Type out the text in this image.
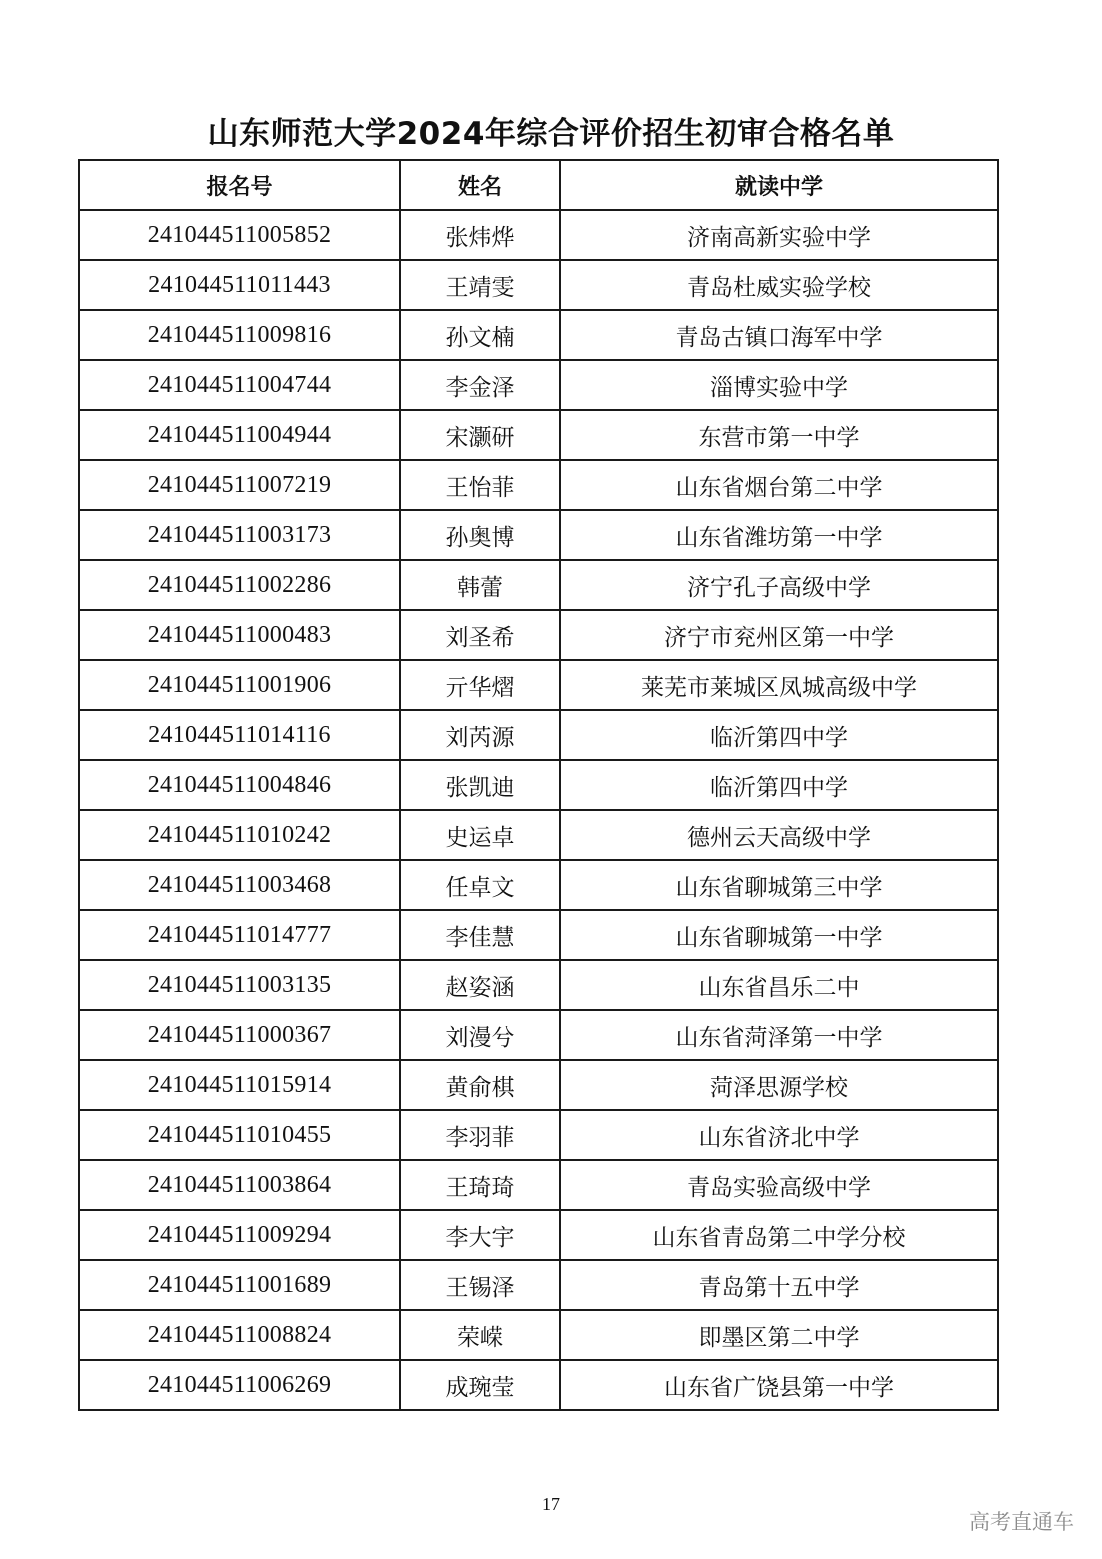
山东师范大学2024年综合评价招生初审合格名单
报名号	姓名	就读中学
241044511005852	张炜烨	济南高新实验中学
241044511011443	王靖雯	青岛杜威实验学校
241044511009816	孙文楠	青岛古镇口海军中学
241044511004744	李金泽	淄博实验中学
241044511004944	宋灏研	东营市第一中学
241044511007219	王怡菲	山东省烟台第二中学
241044511003173	孙奥博	山东省潍坊第一中学
241044511002286	韩蕾	济宁孔子高级中学
241044511000483	刘圣希	济宁市兖州区第一中学
241044511001906	亓华熠	莱芜市莱城区凤城高级中学
241044511014116	刘芮源	临沂第四中学
241044511004846	张凯迪	临沂第四中学
241044511010242	史运卓	德州云天高级中学
241044511003468	任卓文	山东省聊城第三中学
241044511014777	李佳慧	山东省聊城第一中学
241044511003135	赵姿涵	山东省昌乐二中
241044511000367	刘漫兮	山东省菏泽第一中学
241044511015914	黄俞棋	菏泽思源学校
241044511010455	李羽菲	山东省济北中学
241044511003864	王琦琦	青岛实验高级中学
241044511009294	李大宇	山东省青岛第二中学分校
241044511001689	王锡泽	青岛第十五中学
241044511008824	荣嵘	即墨区第二中学
241044511006269	成琬莹	山东省广饶县第一中学
17
高考直通车
